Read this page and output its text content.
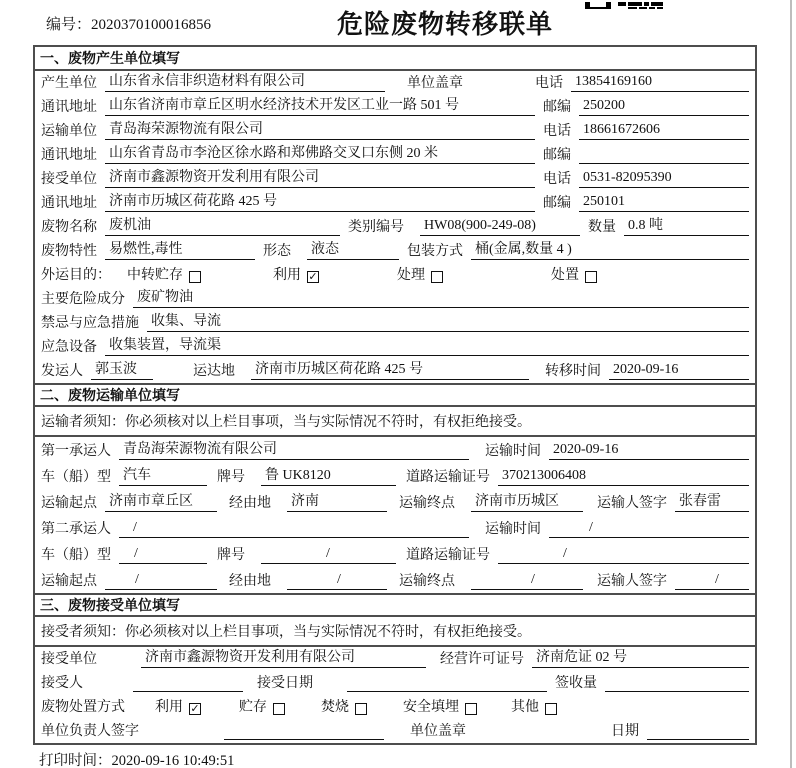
编号：2020370100016856	危险废物转移联单
一、废物产生单位填写
产生单位 山东省永信非织造材料有限公司	单位盖章	电话 13854169160
通讯地址 山东省济南市章丘区明水经济技术开发区工业一路 501 号	邮编 250200
运输单位 青岛海荣源物流有限公司	电话 18661672606
通讯地址 山东省青岛市李沧区徐水路和郑佛路交叉口东侧 20 米	邮编
接受单位 济南市鑫源物资开发利用有限公司	电话 0531-82095390
通讯地址 济南市历城区荷花路 425 号	邮编 250101
废物名称 废机油	类别编号 HW08(900-249-08)	数量 0.8 吨
废物特性 易燃性,毒性	形态 液态	包装方式 桶(金属,数量 4 )
外运目的： 中转贮存	利用 ✓	处理	处置
主要危险成分 废矿物油
禁忌与应急措施 收集、导流
应急设备 收集装置，导流渠
发运人 郭玉波	运达地 济南市历城区荷花路 425 号	转移时间 2020-09-16
二、废物运输单位填写
运输者须知：你必须核对以上栏目事项，当与实际情况不符时，有权拒绝接受。
第一承运人 青岛海荣源物流有限公司	运输时间 2020-09-16
车（船）型 汽车	牌号 鲁 UK8120	道路运输证号 370213006408
运输起点 济南市章丘区	经由地 济南	运输终点 济南市历城区	运输人签字 张春雷
第二承运人	/	运输时间	/
车（船）型	/	牌号	/	道路运输证号	/
运输起点	/	经由地	/	运输终点	/	运输人签字	/
三、废物接受单位填写
接受者须知：你必须核对以上栏目事项，当与实际情况不符时，有权拒绝接受。
接受单位	济南市鑫源物资开发利用有限公司	经营许可证号 济南危证 02 号
接受人	接受日期	签收量
废物处置方式 利用 ✓	贮存	焚烧	安全填埋	其他
单位负责人签字	单位盖章	日期
打印时间：2020-09-16 10:49:51
